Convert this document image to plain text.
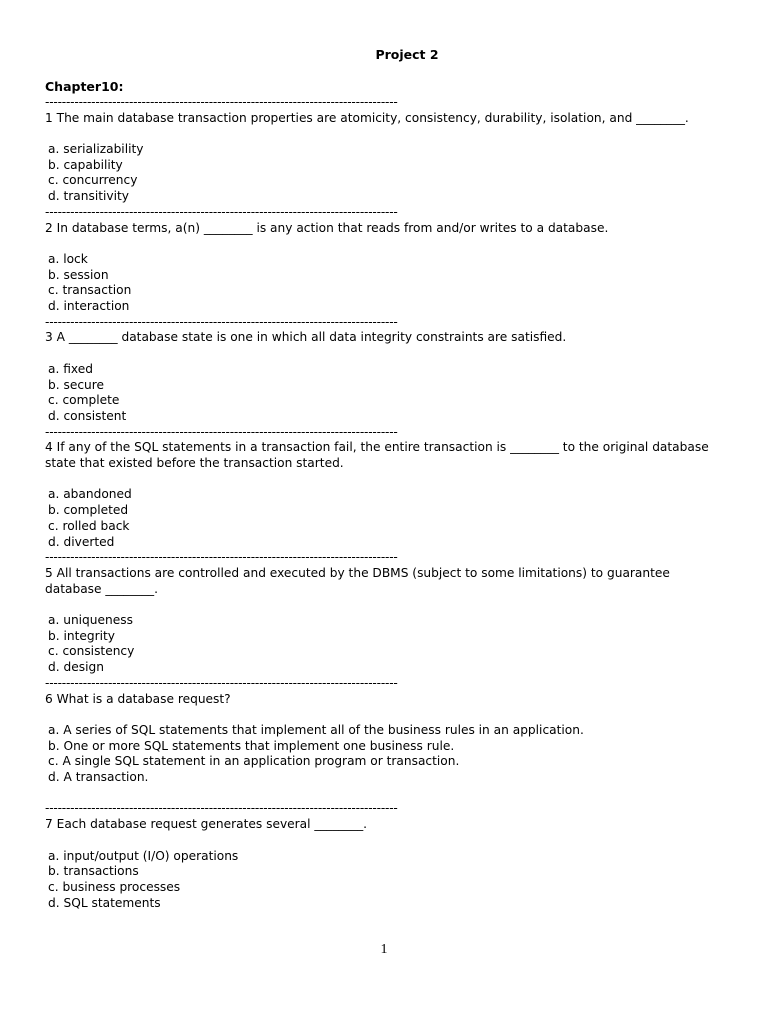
Project 2
Chapter10:
------------------------------------------------------------------------------------
1 The main database transaction properties are atomicity, consistency, durability, isolation, and ________.
a. serializability
b. capability
c. concurrency
d. transitivity
------------------------------------------------------------------------------------
2 In database terms, a(n) ________ is any action that reads from and/or writes to a database.
a. lock
b. session
c. transaction
d. interaction
------------------------------------------------------------------------------------
3 A ________ database state is one in which all data integrity constraints are satisfied.
a. fixed
b. secure
c. complete
d. consistent
------------------------------------------------------------------------------------
4 If any of the SQL statements in a transaction fail, the entire transaction is ________ to the original database state that existed before the transaction started.
a. abandoned
b. completed
c. rolled back
d. diverted
------------------------------------------------------------------------------------
5 All transactions are controlled and executed by the DBMS (subject to some limitations) to guarantee database ________.
a. uniqueness
b. integrity
c. consistency
d. design
------------------------------------------------------------------------------------
6 What is a database request?
a. A series of SQL statements that implement all of the business rules in an application.
b. One or more SQL statements that implement one business rule.
c. A single SQL statement in an application program or transaction.
d. A transaction.
------------------------------------------------------------------------------------
7 Each database request generates several ________.
a. input/output (I/O) operations
b. transactions
c. business processes
d. SQL statements
1
